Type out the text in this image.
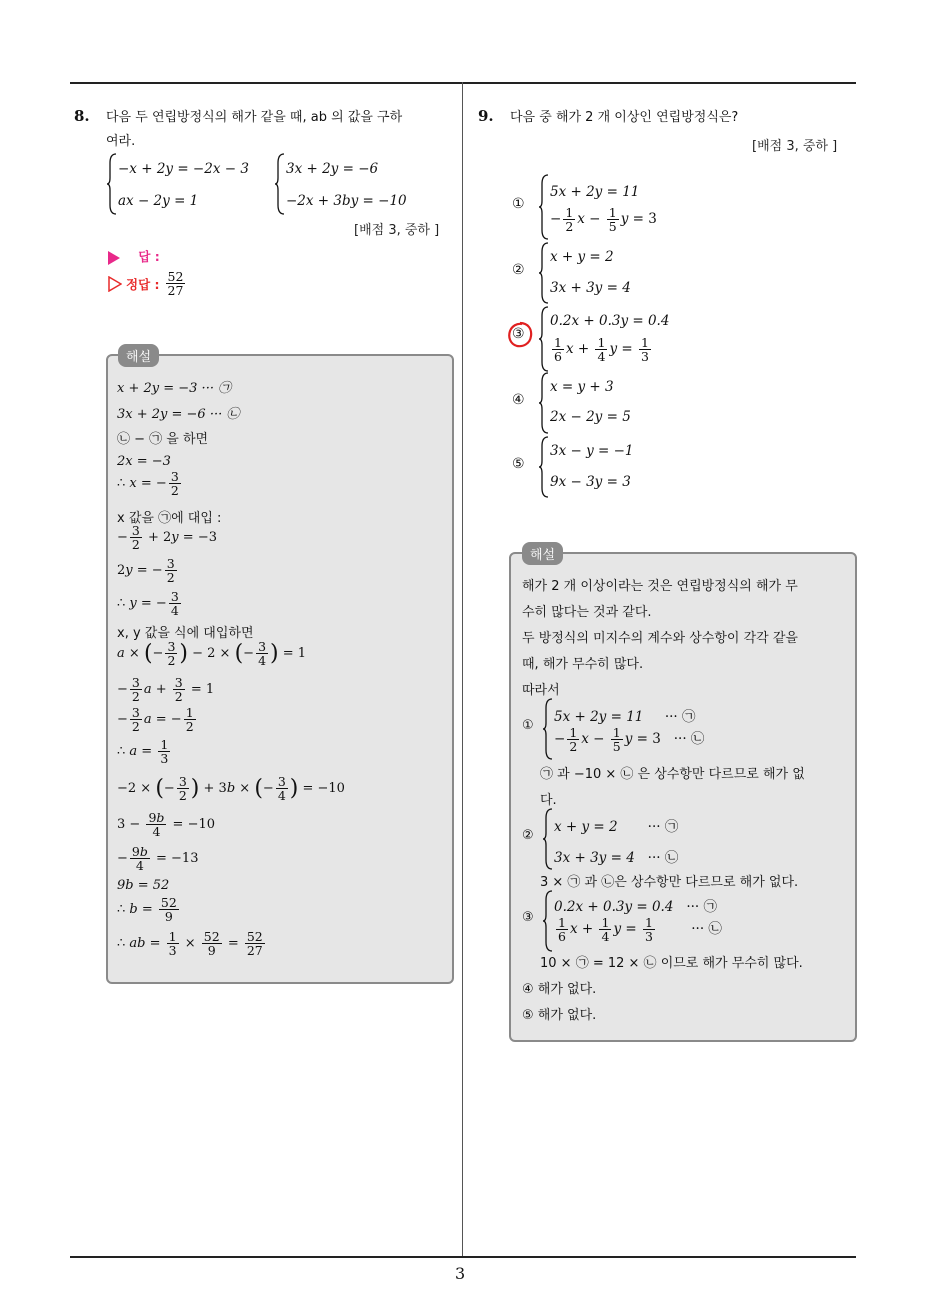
3
8. 다음 두 연립방정식의 해가 같을 때, ab 의 값을 구하
여라.
−x + 2y = −2x − 3
ax − 2y = 1
3x + 2y = −6
−2x + 3by = −10
[배점 3, 중하 ]
답 :
정답 : $\frac{52}{27}$
해설
x + 2y = −3 ··· ㉠
3x + 2y = −6 ··· ㉡
㉡ − ㉠ 을 하면
2x = −3
∴ x = − $\frac{3}{2}$
x 값을 ㉠에 대입 :
− $\frac{3}{2} + 2y = -3$
2y = − $\frac{3}{2}$
∴ y = − $\frac{3}{4}$
x, y 값을 식에 대입하면
a × (− $\frac{3}{2}$ ) − 2 × (− $\frac{3}{4}$ ) = 1
− $\frac{3}{2}$ $a + \frac{3}{2} = 1$
− $\frac{3}{2}$ a = − $\frac{1}{2}$
∴ $a = \frac{1}{3}$
−2 × (− $\frac{3}{2}$ ) + 3b × (− $\frac{3}{4}$ ) = −10
$3 - \frac{9b}{4} = -10$
− $\frac{9b}{4} = -13$
9b = 52
∴ $b = \frac{52}{9}$
∴ ab = $\frac{1}{3} \times \frac{52}{9} = \frac{52}{27}$
9. 다음 중 해가 2 개 이상인 연립방정식은?
[배점 3, 중하 ]
①
5x + 2y = 11
− $\frac{1}{2}$ $x - \frac{1}{5}$ y = 3
②
x + y = 2
3x + 3y = 4
③
0.2x + 0.3y = 0.4
$\frac{1}{6}$ $x + \frac{1}{4}$ $y = \frac{1}{3}$
④
x = y + 3
2x − 2y = 5
⑤
3x − y = −1
9x − 3y = 3
해설
해가 2 개 이상이라는 것은 연립방정식의 해가 무
수히 많다는 것과 같다.
두 방정식의 미지수의 계수와 상수항이 각각 같을
때, 해가 무수히 많다.
따라서
①
5x + 2y = 11     ··· ㉠
− $\frac{1}{2}$ $x - \frac{1}{5}$ y = 3   ··· ㉡
㉠ 과 −10 × ㉡ 은 상수항만 다르므로 해가 없
다.
②
x + y = 2       ··· ㉠
3x + 3y = 4   ··· ㉡
3 × ㉠ 과 ㉡은 상수항만 다르므로 해가 없다.
③
0.2x + 0.3y = 0.4   ··· ㉠
$\frac{1}{6}$ $x + \frac{1}{4}$ $y = \frac{1}{3}$ ··· ㉡
10 × ㉠ = 12 × ㉡ 이므로 해가 무수히 많다.
④ 해가 없다.
⑤ 해가 없다.
